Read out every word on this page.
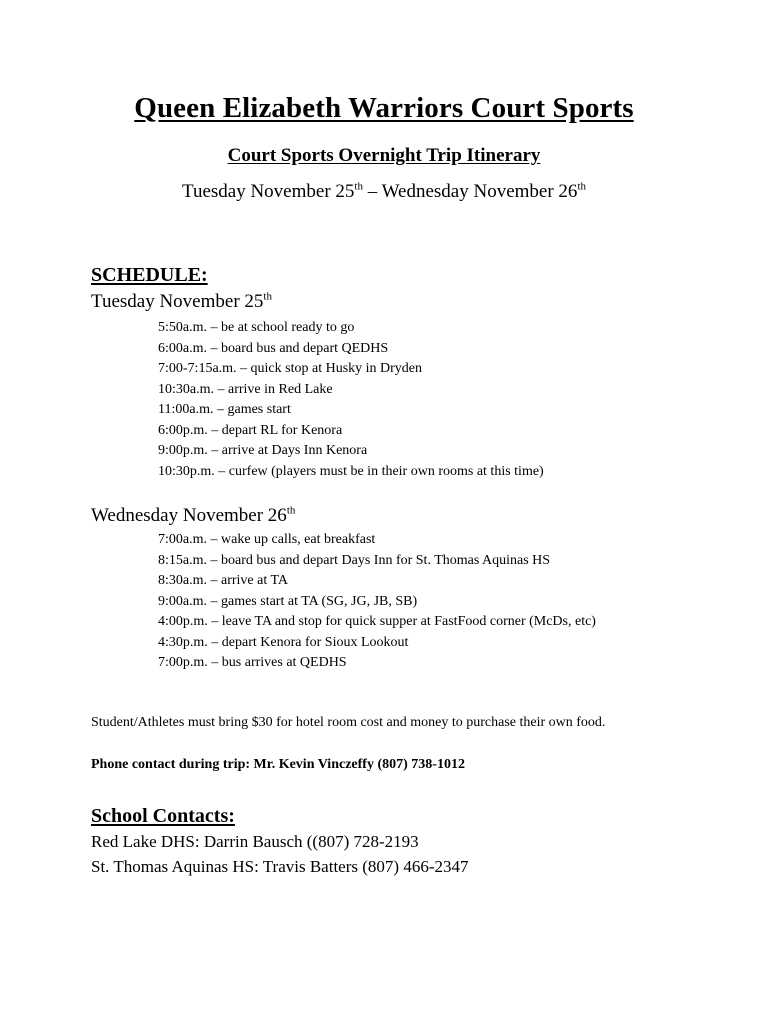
Queen Elizabeth Warriors Court Sports
Court Sports Overnight Trip Itinerary
Tuesday November 25th – Wednesday November 26th
SCHEDULE:
Tuesday November 25th
5:50a.m. – be at school ready to go
6:00a.m. – board bus and depart QEDHS
7:00-7:15a.m. – quick stop at Husky in Dryden
10:30a.m. – arrive in Red Lake
11:00a.m. – games start
6:00p.m. – depart RL for Kenora
9:00p.m. – arrive at Days Inn Kenora
10:30p.m. – curfew (players must be in their own rooms at this time)
Wednesday November 26th
7:00a.m. – wake up calls, eat breakfast
8:15a.m. – board bus and depart Days Inn for St. Thomas Aquinas HS
8:30a.m. – arrive at TA
9:00a.m. – games start at TA (SG, JG, JB, SB)
4:00p.m. – leave TA and stop for quick supper at FastFood corner (McDs, etc)
4:30p.m. – depart Kenora for Sioux Lookout
7:00p.m. – bus arrives at QEDHS
Student/Athletes must bring $30 for hotel room cost and money to purchase their own food.
Phone contact during trip: Mr. Kevin Vinczeffy (807) 738-1012
School Contacts:
Red Lake DHS: Darrin Bausch ((807) 728-2193
St. Thomas Aquinas HS: Travis Batters (807) 466-2347
